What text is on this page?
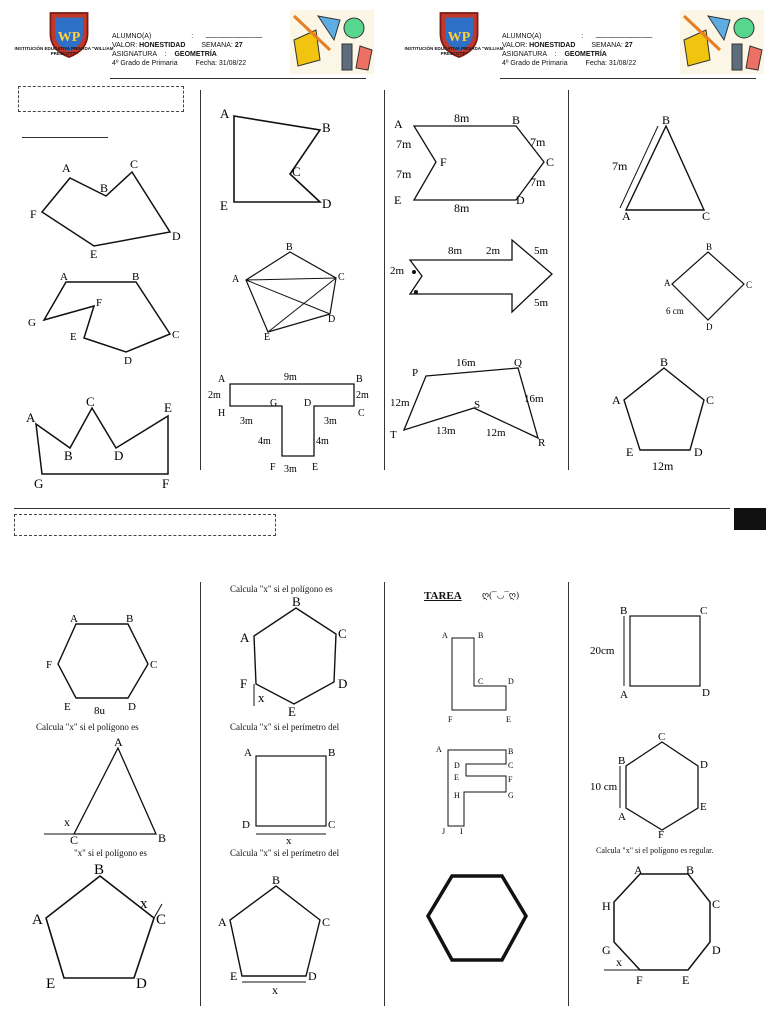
WP
INSTITUCIÓN EDUCATIVA PRIVADA "WILLIAM PRESCOTT"
ALUMNO(A)	: ............................................................
VALOR: HONESTIDAD SEMANA: 27
ASIGNATURA : GEOMETRÍA
4º Grado de Primaria	Fecha: 31/08/22
WP
INSTITUCIÓN EDUCATIVA PRIVADA "WILLIAM PRESCOTT"
ALUMNO(A)	: ............................................................
VALOR: HONESTIDAD SEMANA: 27
ASIGNATURA : GEOMETRÍA
4º Grado de Primaria	Fecha: 31/08/22
A
B
C
D
E
F
A	B
C
D
E
F
G
A
B
C
D
E
F
G
A
B
C
D
E
B
C
D
E
A
A	B
C
D
G
H
E
F
9m
2m	2m
3m	3m
4m	4m
3m
A	B
C
D
E
F
8m
8m
7m
7m
7m
7m
8m 2m	5m
5m
2m
P
Q
R
S
T
16m
16m
12m
13m	12m
B
C
A
7m
B
C
D
A
6 cm
B
C
D
E
A
12m
A	B
C
D
E
F
8u
Calcula "x" si el polígono es
A
B
C
x
"x" si el polígono es
B
C
D
E
A
x
Calcula "x" si el polígono es
B
C
D
E
F
A
x
Calcula "x" si el perímetro del
A	B
C
D
x
Calcula "x" si el perímetro del
B
C
D
E
A
x
TAREA ღ(¯◡¯ღ)
A	B
C	D
E
F
A	B
C
D
E	F
G
H
J I
B	C
D
A
20cm
C
D
E
F
A
B
10 cm
Calcula "x" si el polígono es regular.
A	B
C
D
E
F
G
H
x
